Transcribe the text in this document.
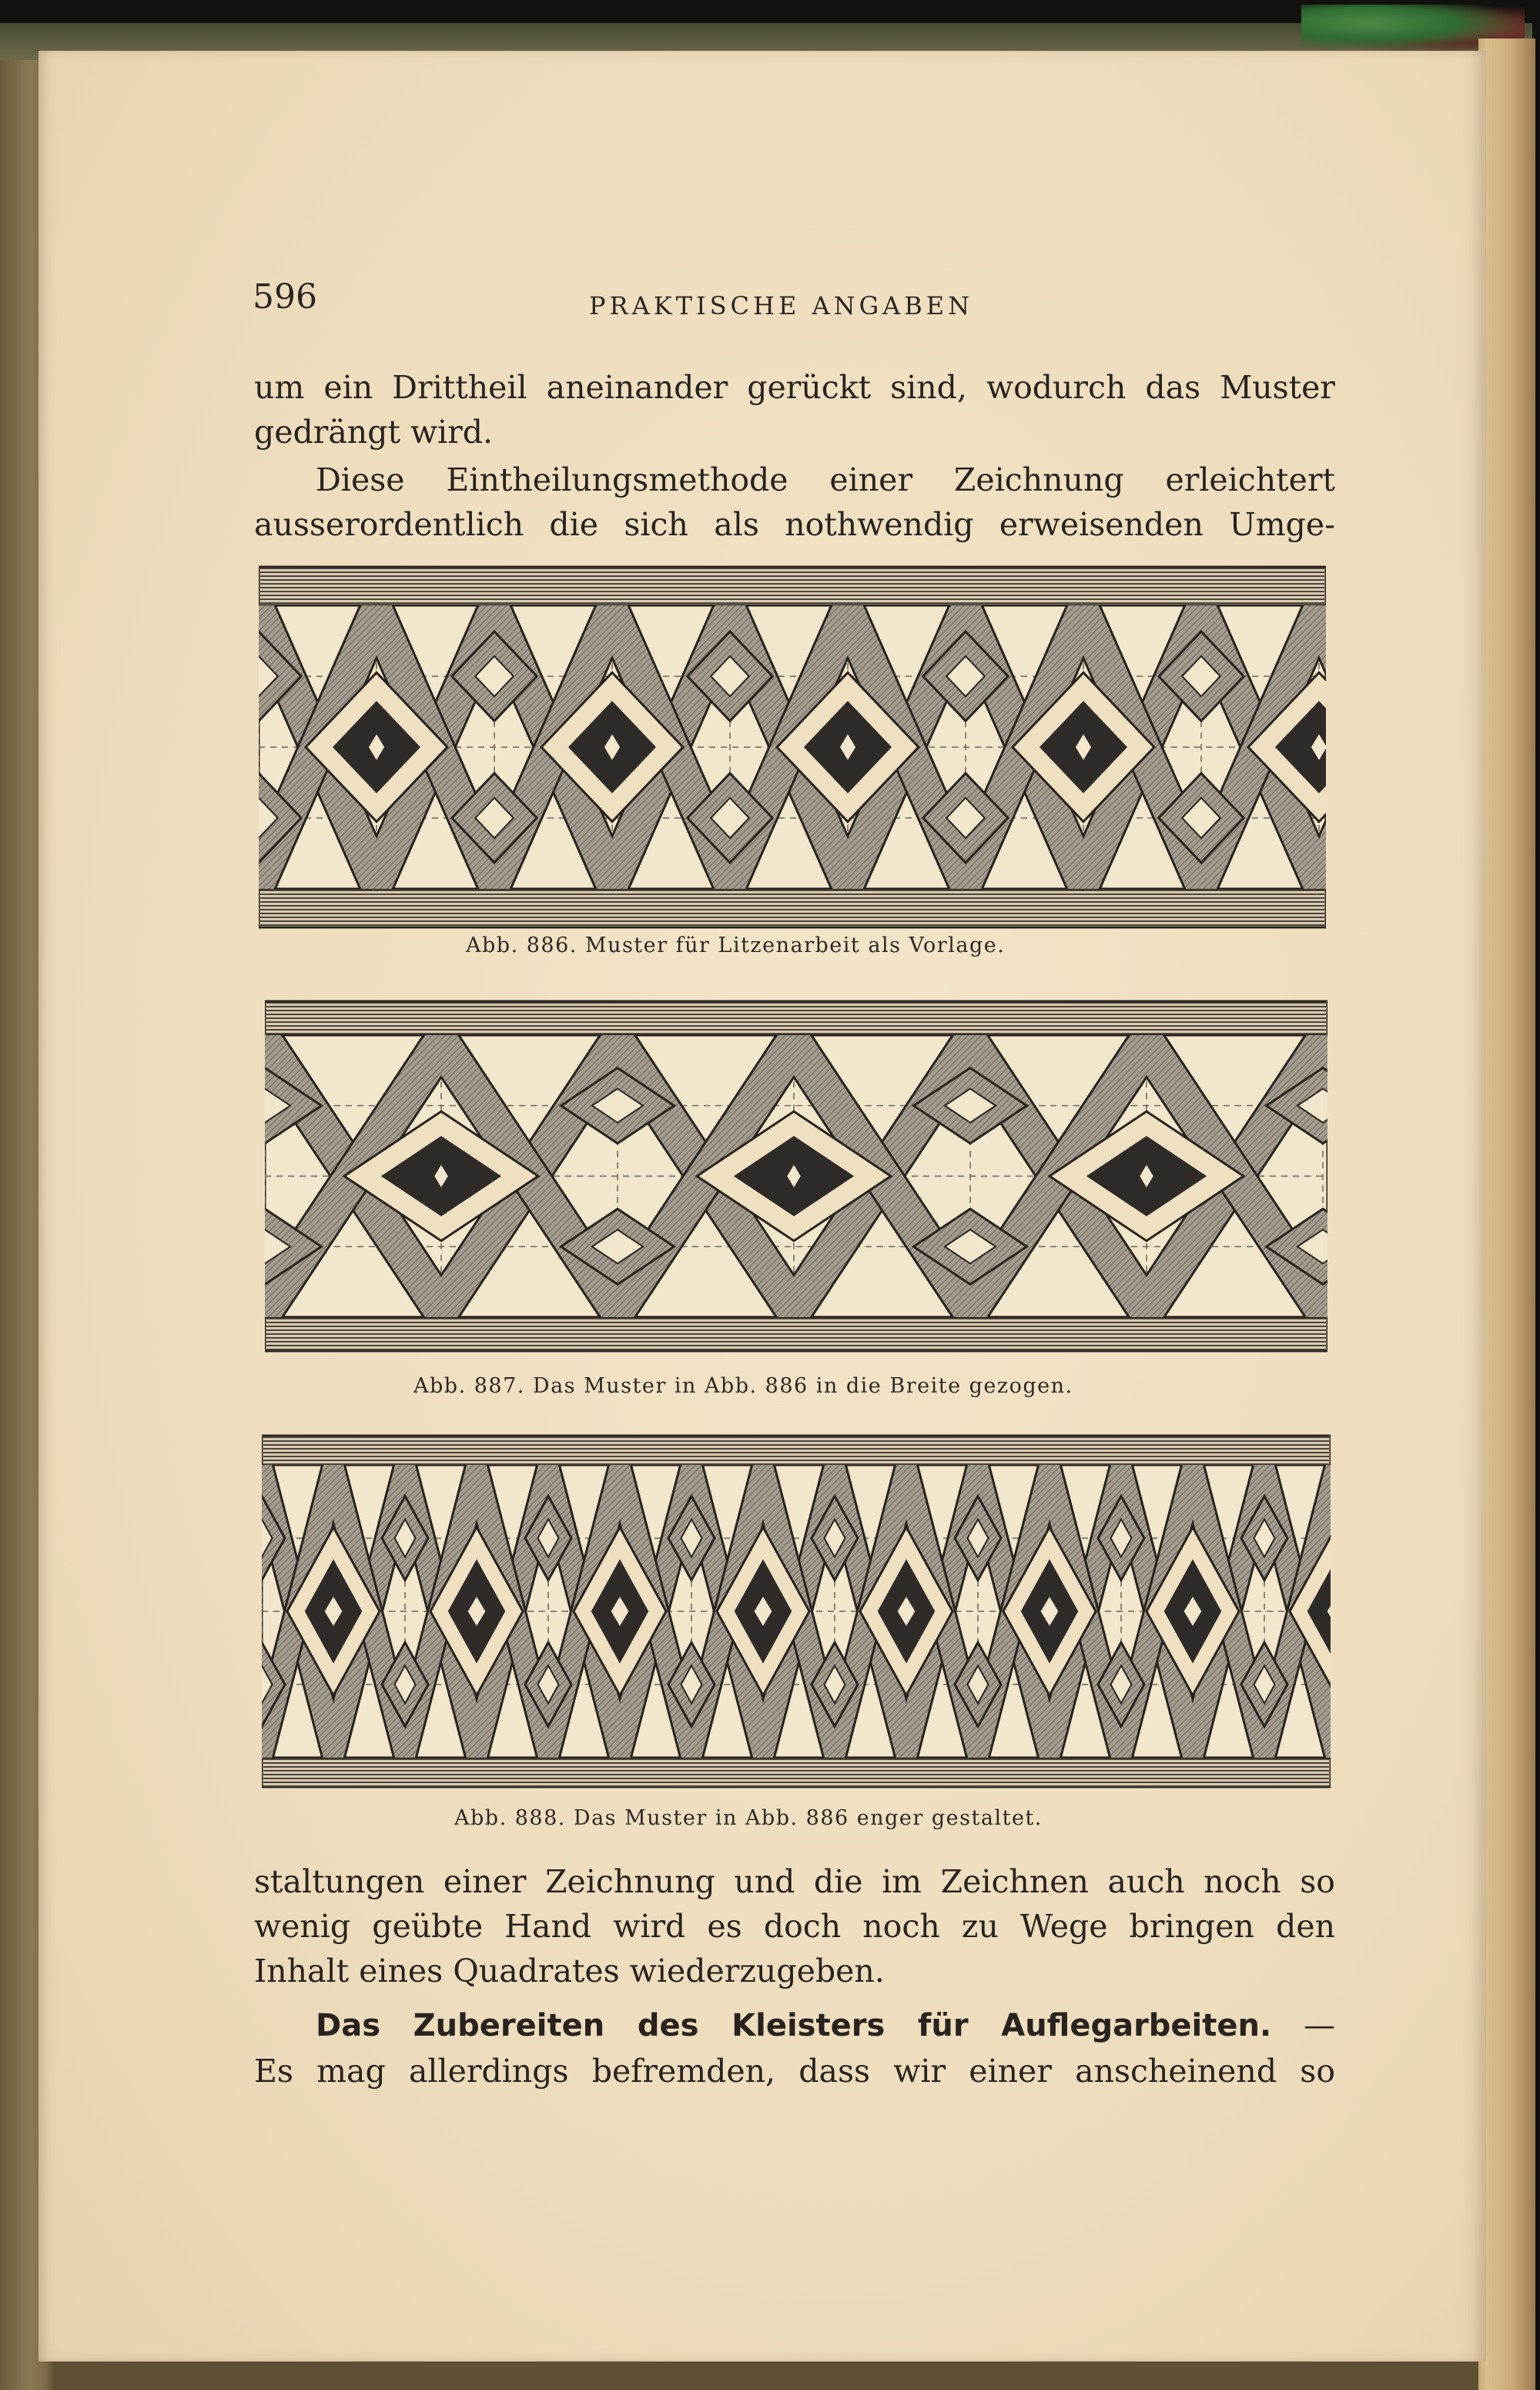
596	PRAKTISCHE ANGABEN

um ein Drittheil aneinander gerückt sind, wodurch das Muster

gedrängt wird.

Diese Eintheilungsmethode einer Zeichnung erleichtert

ausserordentlich die sich als nothwendig erweisenden Umge-

Abb. 886. Muster für Litzenarbeit als Vorlage.
Abb. 887. Das Muster in Abb. 886 in die Breite gezogen.
Abb. 888. Das Muster in Abb. 886 enger gestaltet.

staltungen einer Zeichnung und die im Zeichnen auch noch so

wenig geübte Hand wird es doch noch zu Wege bringen den

Inhalt eines Quadrates wiederzugeben.

Das Zubereiten des Kleisters für Auflegarbeiten. —

Es mag allerdings befremden, dass wir einer anscheinend so
